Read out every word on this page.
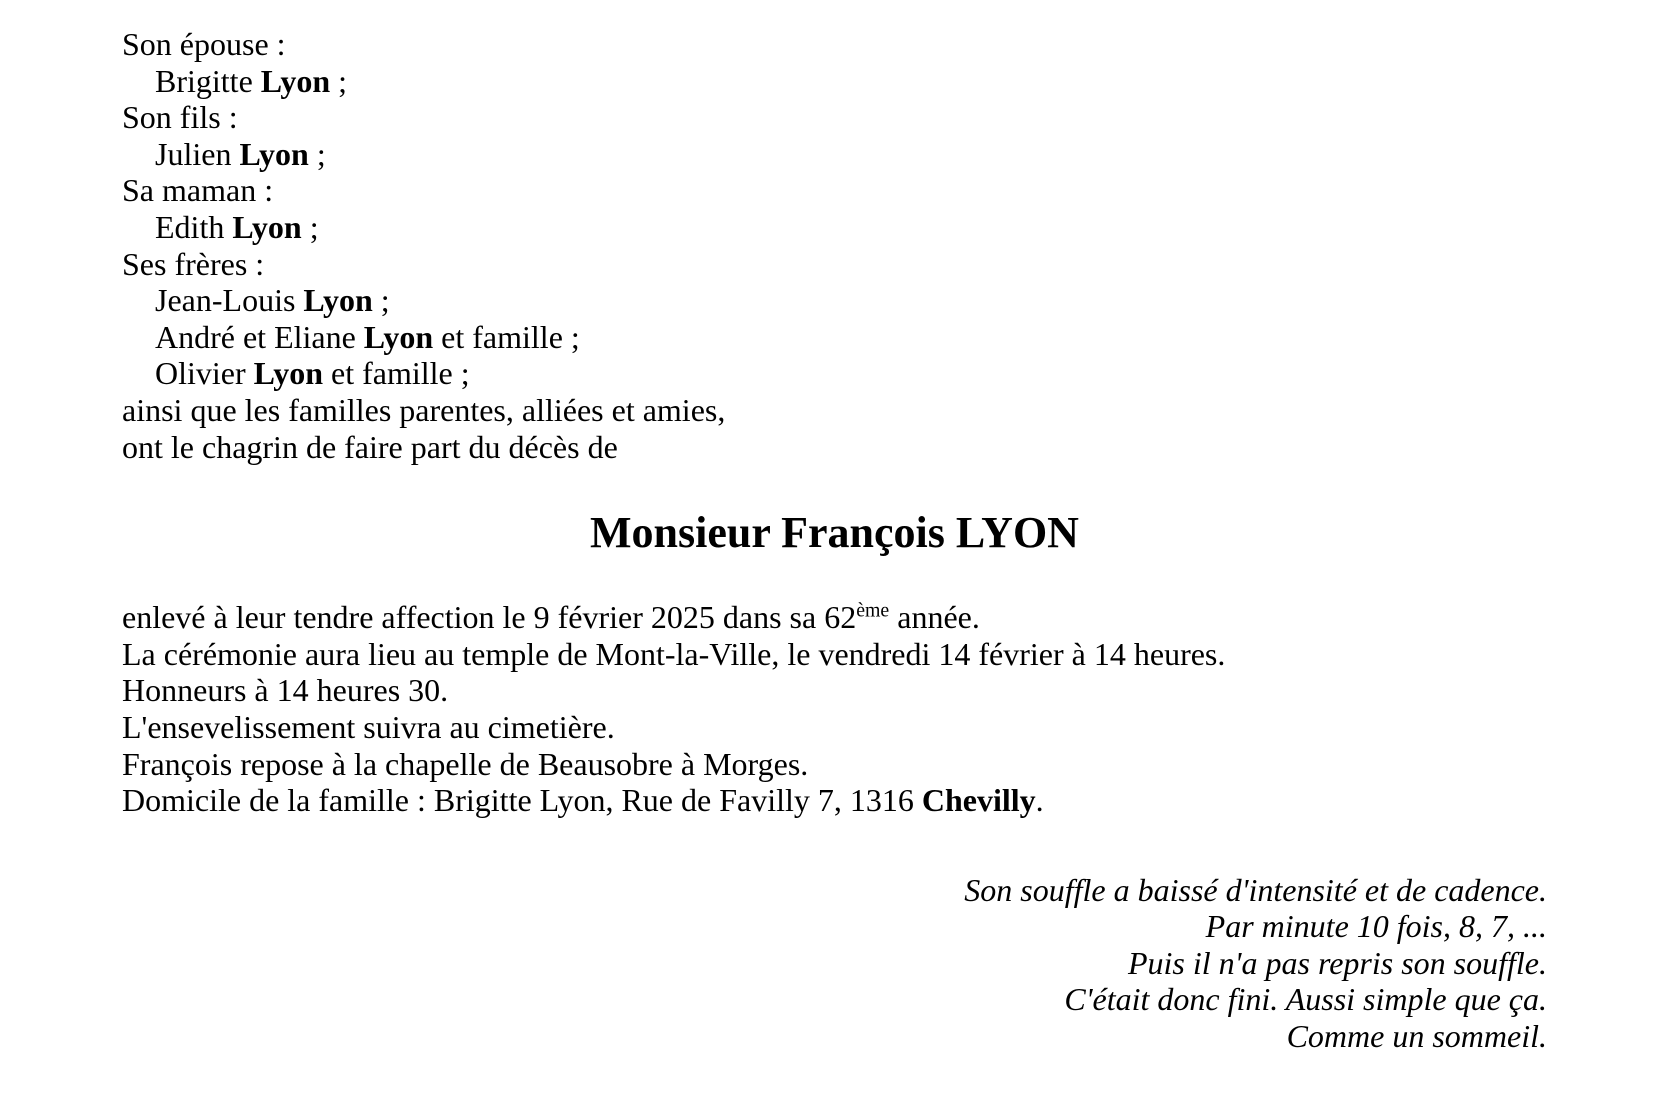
Son épouse :
Brigitte Lyon ;
Son fils :
Julien Lyon ;
Sa maman :
Edith Lyon ;
Ses frères :
Jean-Louis Lyon ;
André et Eliane Lyon et famille ;
Olivier Lyon et famille ;
ainsi que les familles parentes, alliées et amies,
ont le chagrin de faire part du décès de
Monsieur François LYON
enlevé à leur tendre affection le 9 février 2025 dans sa 62ème année.
La cérémonie aura lieu au temple de Mont-la-Ville, le vendredi 14 février à 14 heures.
Honneurs à 14 heures 30.
L'ensevelissement suivra au cimetière.
François repose à la chapelle de Beausobre à Morges.
Domicile de la famille : Brigitte Lyon, Rue de Favilly 7, 1316 Chevilly.
Son souffle a baissé d'intensité et de cadence.
Par minute 10 fois, 8, 7, ...
Puis il n'a pas repris son souffle.
C'était donc fini. Aussi simple que ça.
Comme un sommeil.
